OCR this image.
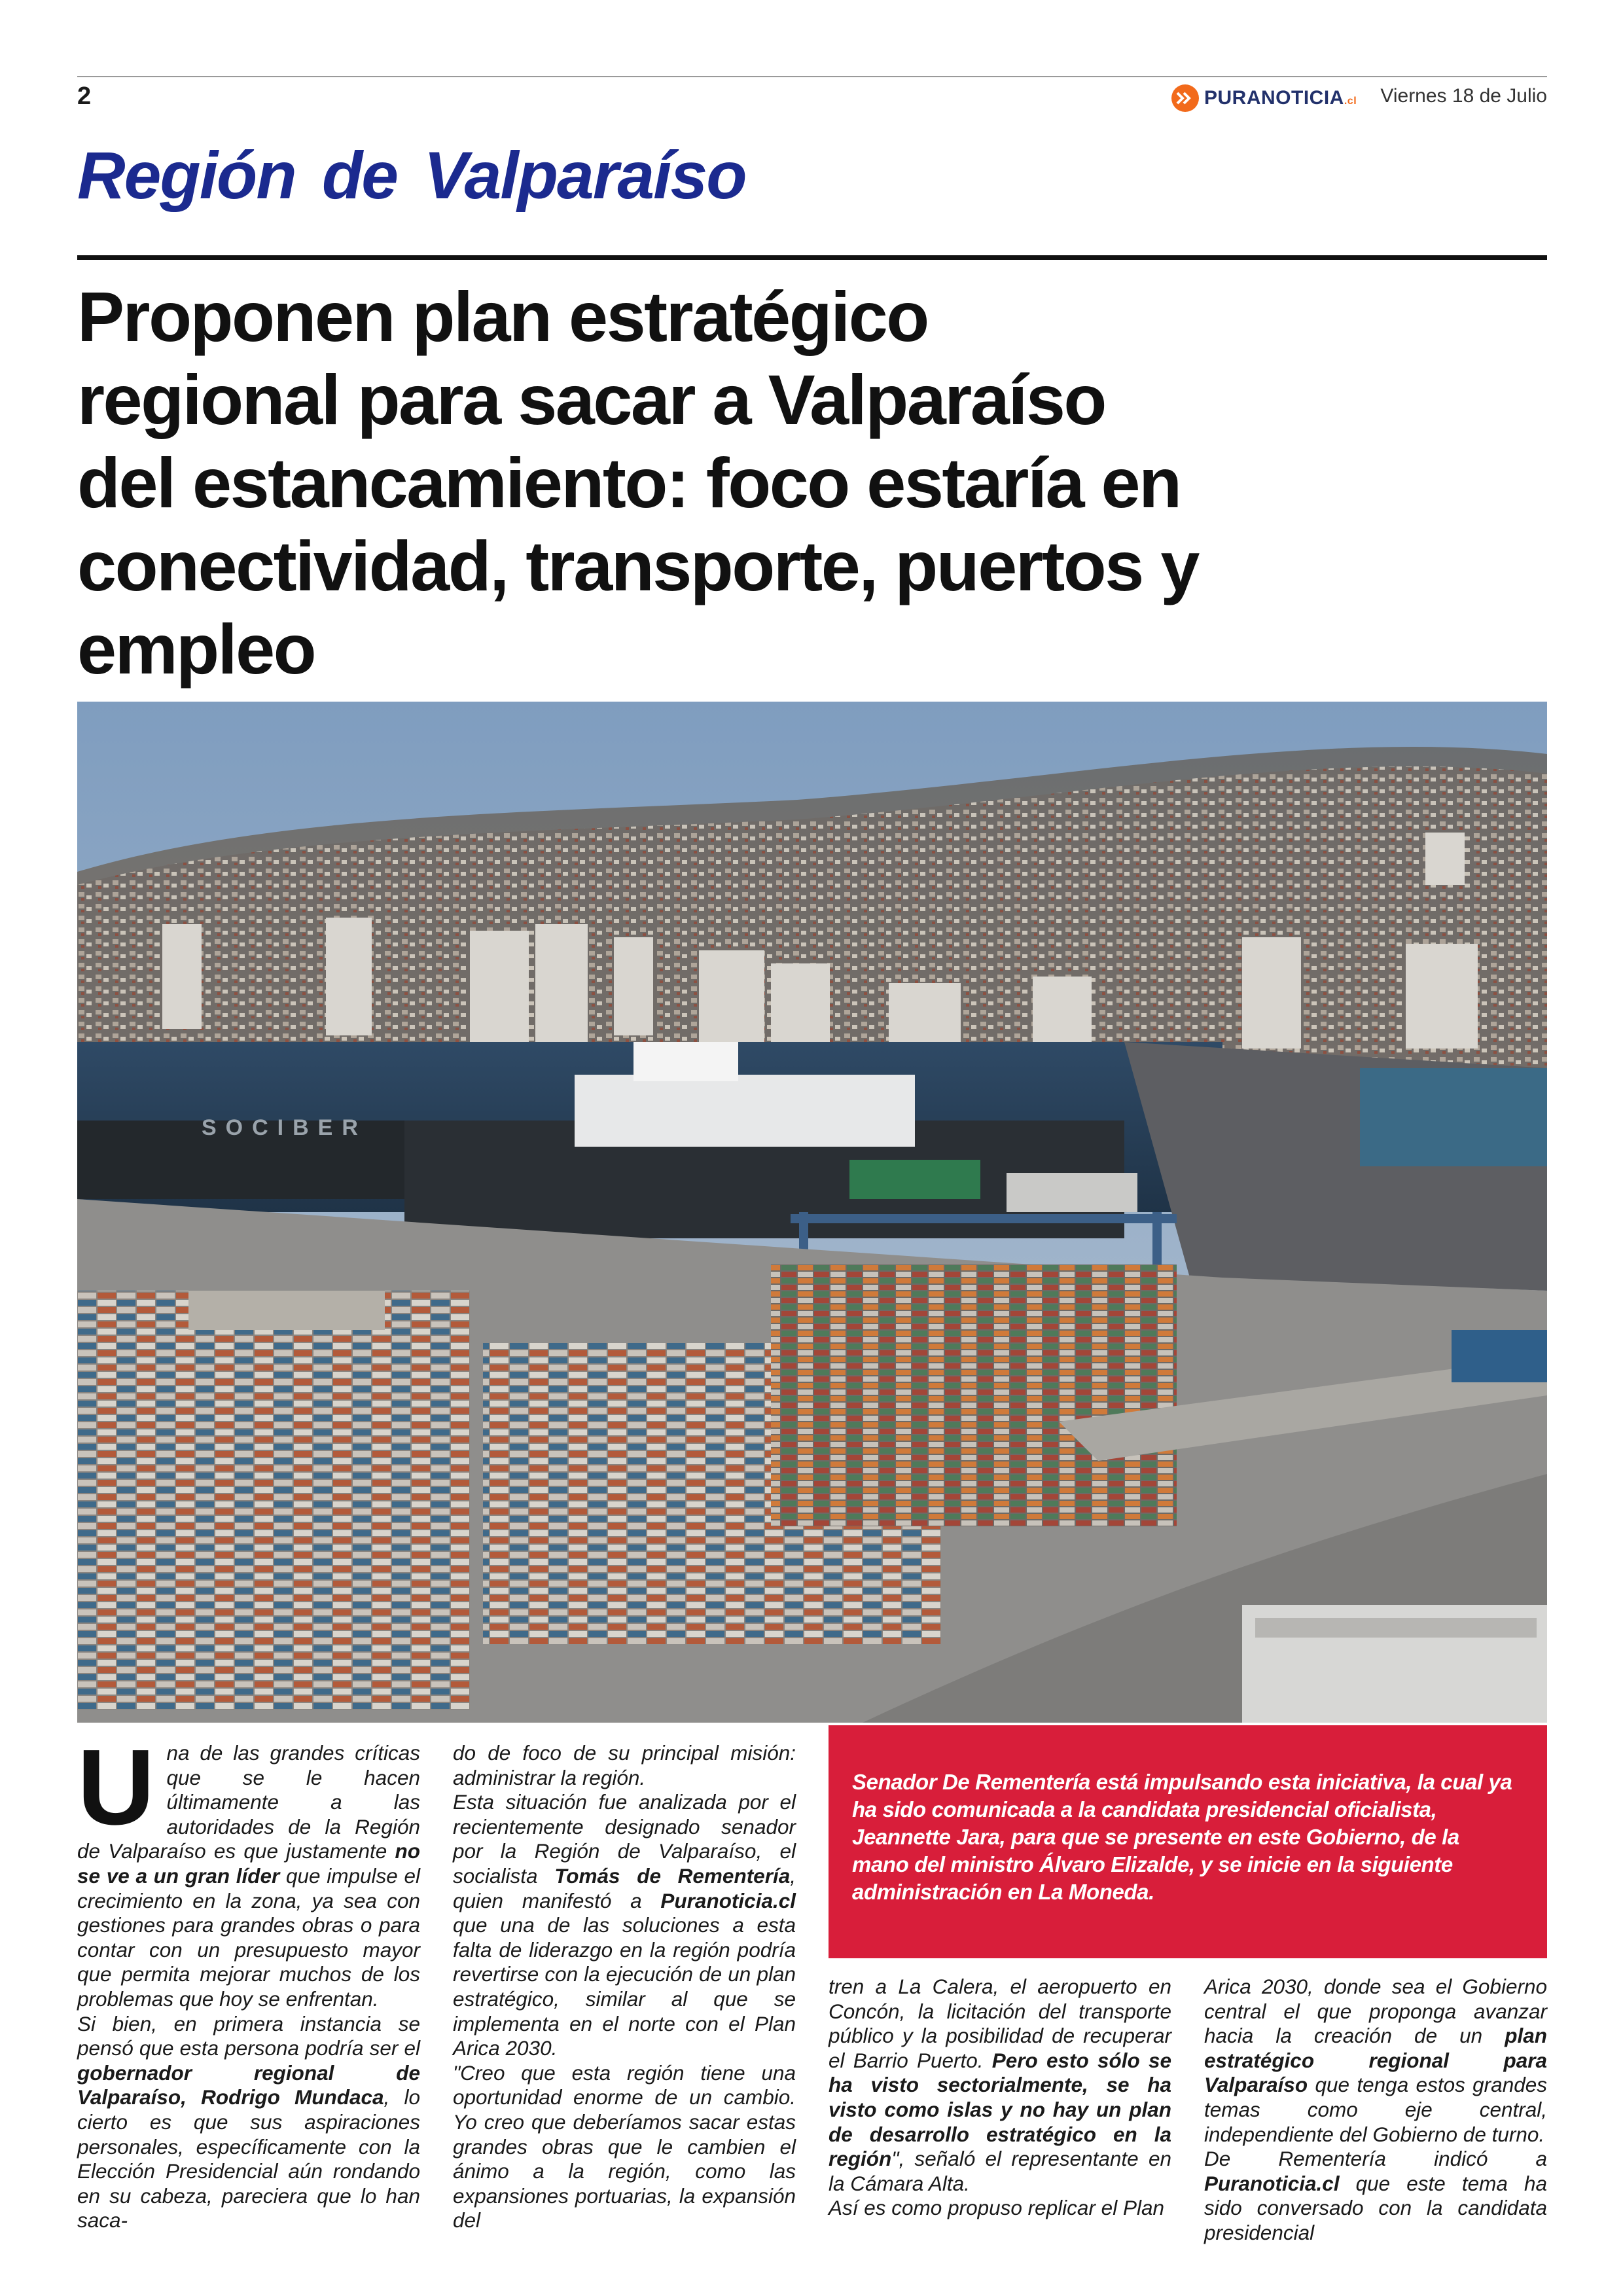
2	PURANOTICIA.cl Viernes 18 de Julio
Región de Valparaíso
Proponen plan estratégico
regional para sacar a Valparaíso
del estancamiento: foco estaría en
conectividad, transporte, puertos y
empleo
SOCIBER

Una de las grandes críticas que se le hacen últimamente a las autoridades de la Región de Valparaíso es que justamente no se ve a un gran líder que impulse el crecimiento en la zona, ya sea con gestiones para grandes obras o para contar con un presupuesto mayor que permita mejorar muchos de los problemas que hoy se enfrentan.

Si bien, en primera instancia se pensó que esta persona podría ser el gobernador regional de Valparaíso, Rodrigo Mundaca, lo cierto es que sus aspiraciones personales, específicamente con la Elección Presidencial aún rondando en su cabeza, pareciera que lo han saca-

do de foco de su principal misión: administrar la región.

Esta situación fue analizada por el recientemente designado senador por la Región de Valparaíso, el socialista Tomás de Rementería, quien manifestó a Puranoticia.cl que una de las soluciones a esta falta de liderazgo en la región podría revertirse con la ejecución de un plan estratégico, similar al que se implementa en el norte con el Plan Arica 2030.

"Creo que esta región tiene una oportunidad enorme de un cambio. Yo creo que deberíamos sacar estas grandes obras que le cambien el ánimo a la región, como las expansiones portuarias, la expansión del

Senador De Rementería está impulsando esta iniciativa, la cual ya ha sido comunicada a la candidata presidencial oficialista, Jeannette Jara, para que se presente en este Gobierno, de la mano del ministro Álvaro Elizalde, y se inicie en la siguiente administración en La Moneda.

tren a La Calera, el aeropuerto en Concón, la licitación del transporte público y la posibilidad de recuperar el Barrio Puerto. Pero esto sólo se ha visto sectorialmente, se ha visto como islas y no hay un plan de desarrollo estratégico en la región", señaló el representante en la Cámara Alta.

Así es como propuso replicar el Plan

Arica 2030, donde sea el Gobierno central el que proponga avanzar hacia la creación de un plan estratégico regional para Valparaíso que tenga estos grandes temas como eje central, independiente del Gobierno de turno.

De Rementería indicó a Puranoticia.cl que este tema ha sido conversado con la candidata presidencial
